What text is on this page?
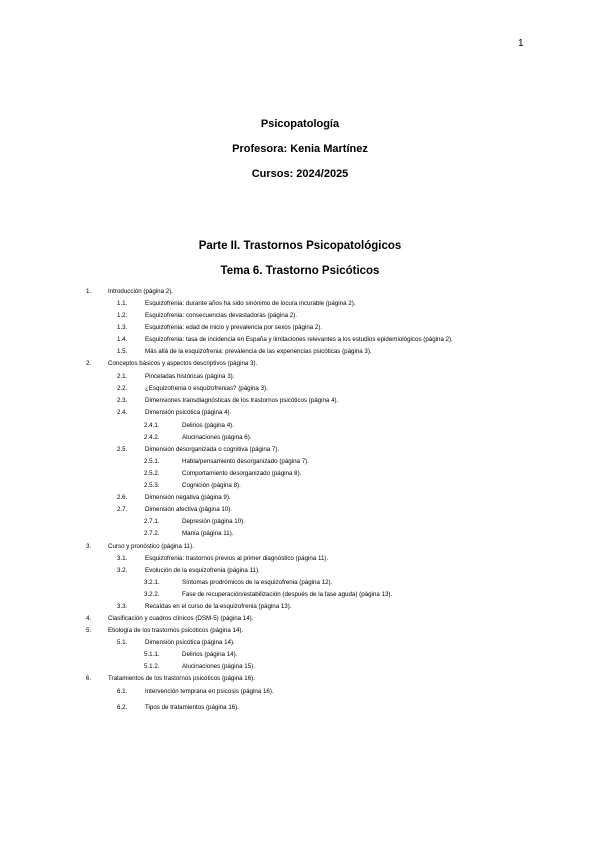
1
Psicopatología
Profesora: Kenia Martínez
Cursos: 2024/2025
Parte II. Trastornos Psicopatológicos
Tema 6. Trastorno Psicóticos
1.	Introducción (página 2).
1.1.	Esquizofrenia: durante años ha sido sinónimo de locura incurable (página 2).
1.2.	Esquizofrenia: consecuencias devastadoras (página 2).
1.3.	Esquizofrenia: edad de inicio y prevalencia por sexos (página 2).
1.4.	Esquizofrenia: tasa de incidencia en España y limitaciones relevantes a los estudios epidemiológicos (página 2).
1.5.	Más allá de la esquizofrenia: prevalencia de las experiencias psicóticas (página 3).
2.	Conceptos básicos y aspectos descriptivos (página 3).
2.1.	Pinceladas históricas (página 3).
2.2.	¿Esquizofrenia o esquizofrenias? (página 3).
2.3.	Dimensiones transdiagnósticas de los trastornos psicóticos (página 4).
2.4.	Dimensión psicótica (página 4).
2.4.1.	Delirios (página 4).
2.4.2.	Alucinaciones (página 6).
2.5.	Dimensión desorganizada o cognitiva (página 7).
2.5.1.	Habla/pensamiento desorganizado (página 7).
2.5.2.	Comportamiento desorganizado (página 8).
2.5.3.	Cognición (página 8).
2.6.	Dimensión negativa (página 9).
2.7.	Dimensión afectiva (página 10).
2.7.1.	Depresión (página 10).
2.7.2.	Manía (página 11).
3.	Curso y pronóstico (página 11).
3.1.	Esquizofrenia: trastornos previos al primer diagnóstico (página 11).
3.2.	Evolución de la esquizofrenia (página 11).
3.2.1.	Síntomas prodrómicos de la esquizofrenia (página 12).
3.2.2.	Fase de recuperación/estabilización (después de la fase aguda) (página 13).
3.3.	Recaídas en el curso de la esquizofrenia (página 13).
4.	Clasificación y cuadros clínicos (DSM-5) (página 14).
5.	Etiología de los trastornos psicóticos (página 14).
5.1.	Dimensión psicótica (página 14).
5.1.1.	Delirios (página 14).
5.1.2.	Alucinaciones (página 15).
6.	Tratamientos de los trastornos psicóticos (página 16).
6.1.	Intervención temprana en psicosis (página 16).
6.2.	Tipos de tratamientos (página 16).
